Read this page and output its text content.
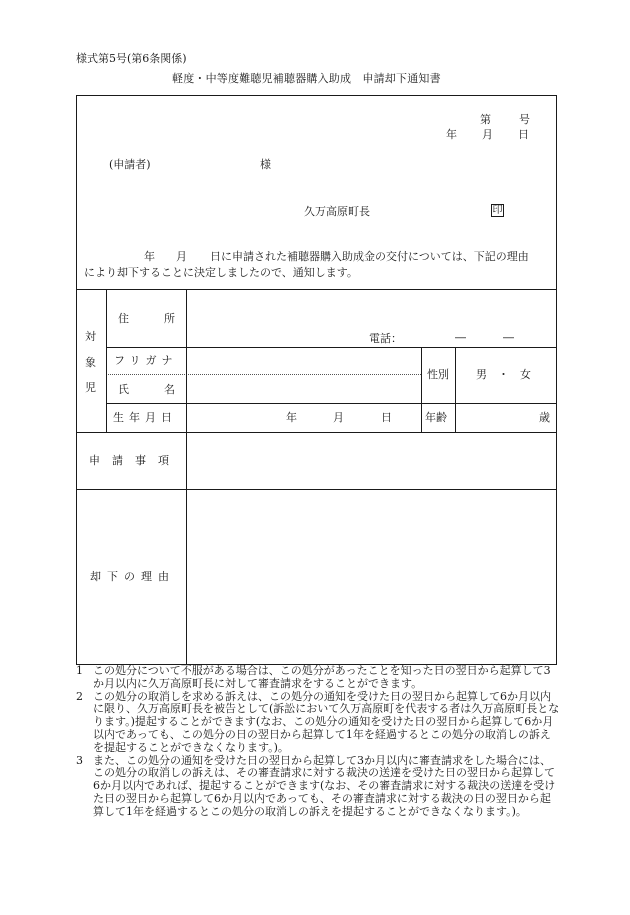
様式第5号(第6条関係)
軽度・中等度難聴児補聴器購入助成　申請却下通知書
第	号
年 月 日
(申請者)	様
久万高原町長	印
年 月 日に申請された補聴器購入助成金の交付については、下記の理由
により却下することに決定しましたので、通知します。
対
象
児
住　所
電話：	―	―
フリガナ
氏　名
性別 男　・　女
生年月日	年	月	日	年齢	歳
申請事項
却下の理由
1 この処分について不服がある場合は、この処分があったことを知った日の翌日から起算して3か月以内に久万高原町長に対して審査請求をすることができます。
2 この処分の取消しを求める訴えは、この処分の通知を受けた日の翌日から起算して6か月以内に限り、久万高原町長を被告として(訴訟において久万高原町を代表する者は久万高原町長となります。)提起することができます(なお、この処分の通知を受けた日の翌日から起算して6か月以内であっても、この処分の日の翌日から起算して1年を経過するとこの処分の取消しの訴えを提起することができなくなります。)。
3 また、この処分の通知を受けた日の翌日から起算して3か月以内に審査請求をした場合には、この処分の取消しの訴えは、その審査請求に対する裁決の送達を受けた日の翌日から起算して6か月以内であれば、提起することができます(なお、その審査請求に対する裁決の送達を受けた日の翌日から起算して6か月以内であっても、その審査請求に対する裁決の日の翌日から起算して1年を経過するとこの処分の取消しの訴えを提起することができなくなります。)。
